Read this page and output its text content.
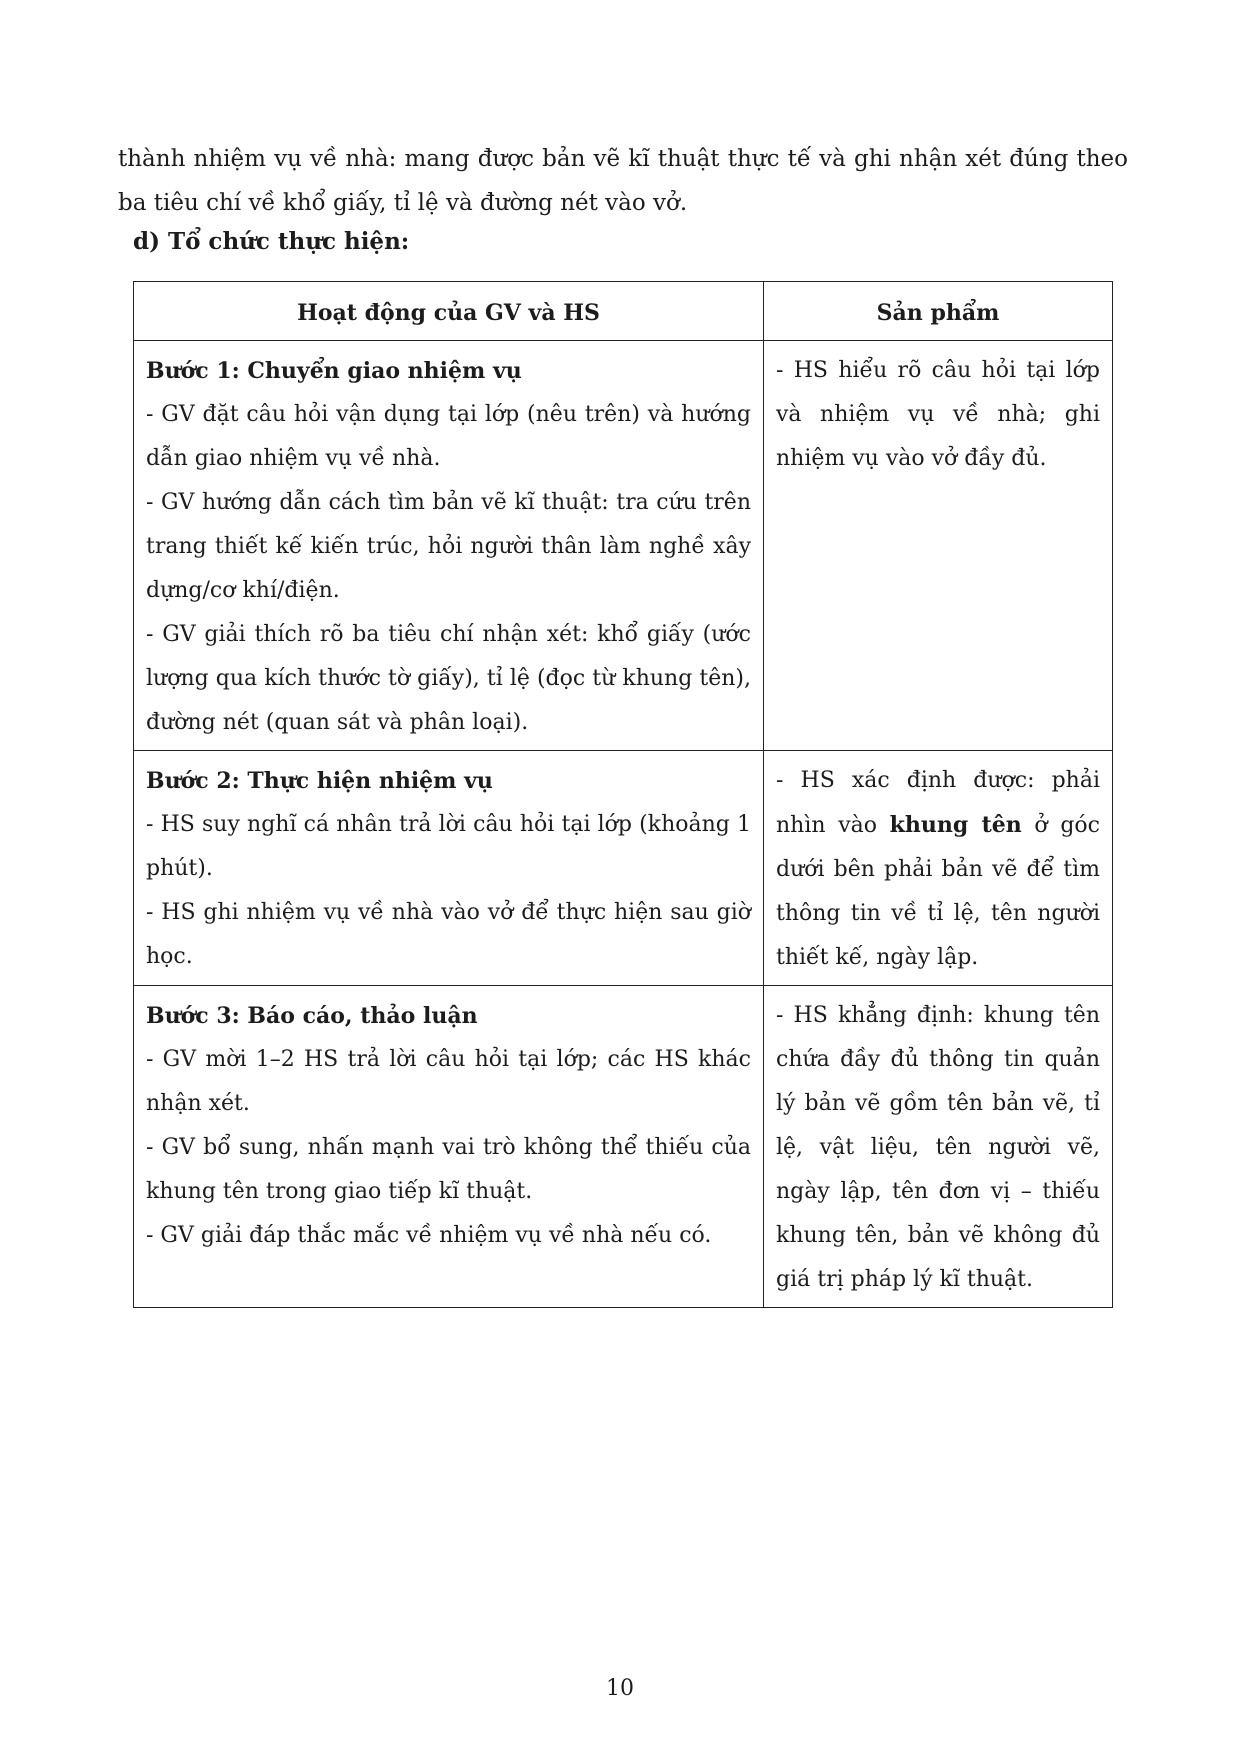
thành nhiệm vụ về nhà: mang được bản vẽ kĩ thuật thực tế và ghi nhận xét đúng theo ba tiêu chí về khổ giấy, tỉ lệ và đường nét vào vở.

d) Tổ chức thực hiện:
Hoạt động của GV và HS	Sản phẩm

Bước 1: Chuyển giao nhiệm vụ
- GV đặt câu hỏi vận dụng tại lớp (nêu trên) và hướng dẫn giao nhiệm vụ về nhà.
- GV hướng dẫn cách tìm bản vẽ kĩ thuật: tra cứu trên trang thiết kế kiến trúc, hỏi người thân làm nghề xây dựng/cơ khí/điện.
- GV giải thích rõ ba tiêu chí nhận xét: khổ giấy (ước lượng qua kích thước tờ giấy), tỉ lệ (đọc từ khung tên), đường nét (quan sát và phân loại).	- HS hiểu rõ câu hỏi tại lớp và nhiệm vụ về nhà; ghi nhiệm vụ vào vở đầy đủ.

Bước 2: Thực hiện nhiệm vụ
- HS suy nghĩ cá nhân trả lời câu hỏi tại lớp (khoảng 1 phút).
- HS ghi nhiệm vụ về nhà vào vở để thực hiện sau giờ học.	- HS xác định được: phải nhìn vào khung tên ở góc dưới bên phải bản vẽ để tìm thông tin về tỉ lệ, tên người thiết kế, ngày lập.

Bước 3: Báo cáo, thảo luận
- GV mời 1–2 HS trả lời câu hỏi tại lớp; các HS khác nhận xét.
- GV bổ sung, nhấn mạnh vai trò không thể thiếu của khung tên trong giao tiếp kĩ thuật.
- GV giải đáp thắc mắc về nhiệm vụ về nhà nếu có.	- HS khẳng định: khung tên chứa đầy đủ thông tin quản lý bản vẽ gồm tên bản vẽ, tỉ lệ, vật liệu, tên người vẽ, ngày lập, tên đơn vị – thiếu khung tên, bản vẽ không đủ giá trị pháp lý kĩ thuật.
10
